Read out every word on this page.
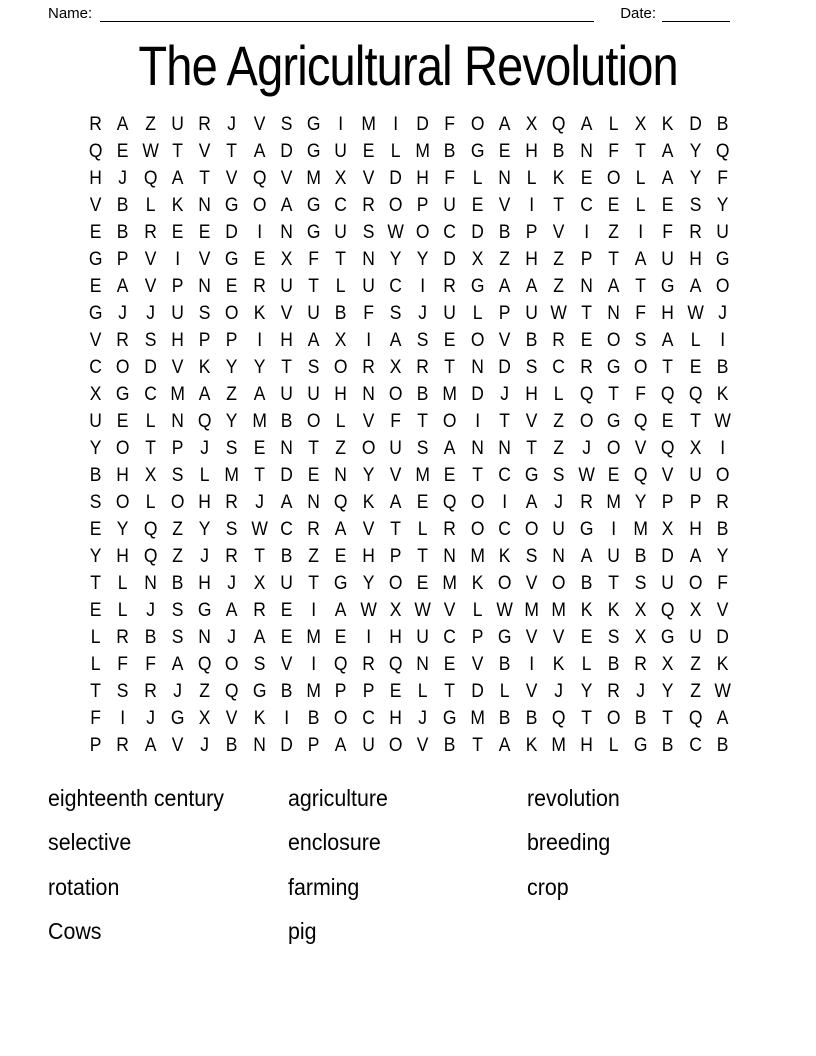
Name:	Date:
The Agricultural Revolution
R A Z U R J V S G I M I D F O A X Q A L X K D B
Q E W T V T A D G U E L M B G E H B N F T A Y Q
H J Q A T V Q V M X V D H F L N L K E O L A Y F
V B L K N G O A G C R O P U E V I	T C E L E S Y
E B R E E D I N G U S W O C D B P V I	Z	I	F R U
G P V I V G E X F T N Y Y D X Z H Z P T A U H G
E A V P N E R U T L U C I R G A A Z N A T G A O
G J J U S O K V U B F S J U L P U W T N F H W J
V R S H P P I H A X I A S E O V B R E O S A L	I
C O D V K Y Y T S O R X R T N D S C R G O T E B
X G C M A Z A U U H N O B M D J H L Q T F Q Q K
U E L N Q Y M B O L V F T O I	T V Z O G Q E T W
Y O T P J S E N T Z O U S A N N T Z J O V Q X I
B H X S L M T D E N Y V M E T C G S W E Q V U O
S O L O H R J A N Q K A E Q O I A J R M Y P P R
E Y Q Z Y S W C R A V T L R O C O U G I M X H B
Y H Q Z J R T B Z E H P T N M K S N A U B D A Y
T L N B H J X U T G Y O E M K O V O B T S U O F
E L J S G A R E I A W X W V L W M M K K X Q X V
L R B S N J A E M E I H U C P G V V E S X G U D
L F F A Q O S V I Q R Q N E V B I K L B R X Z K
T S R J Z Q G B M P P E L T D L V J Y R J Y Z W
F	I	J G X V K I B O C H J G M B B Q T O B T Q A
P R A V J B N D P A U O V B T A K M H L G B C B
eighteenth century
selective
rotation
Cows
agriculture
enclosure
farming
pig
revolution
breeding
crop
